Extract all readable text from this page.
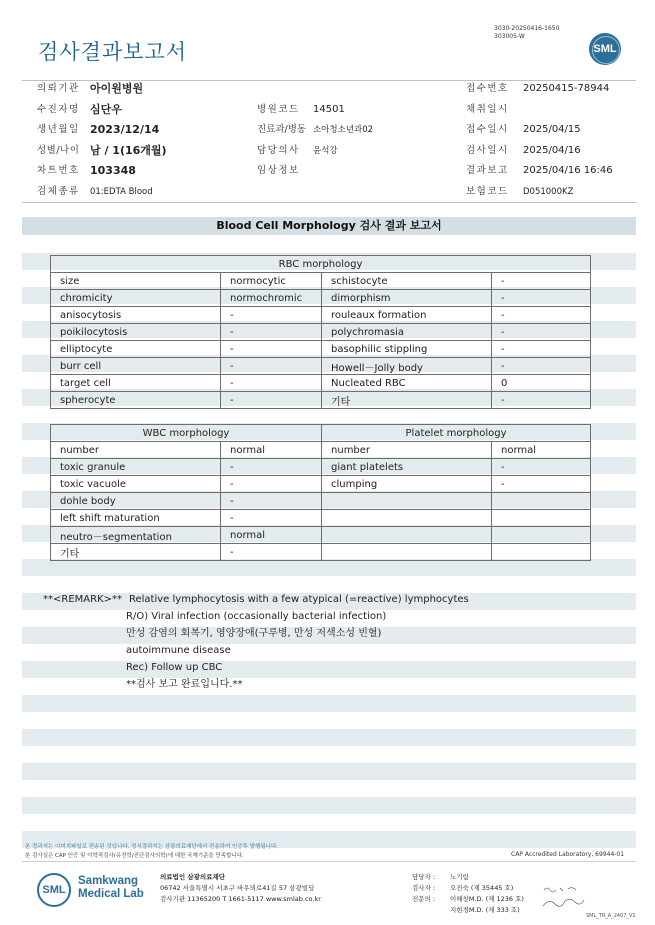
검사결과보고서
3030-20250416-1650
303005-W
SML
의뢰기관 아이원병원	접수번호 20250415-78944
수진자명 심단우	병원코드 14501	채취일시
생년월일 2023/12/14	진료과/병동 소아청소년과02	접수일시 2025/04/15
성별/나이 남 / 1(16개월)	담당의사 윤석강	검사일시 2025/04/16
차트번호 103348	임상정보	결과보고 2025/04/16 16:46
검체종류 01:EDTA Blood	보험코드 D051000KZ
Blood Cell Morphology 검사 결과 보고서
RBC morphology			
size	normocytic	schistocyte	-
chromicity	normochromic	dimorphism	-
anisocytosis	-	rouleaux formation	-
poikilocytosis	-	polychromasia	-
elliptocyte	-	basophilic stippling	-
burr cell	-	Howell－Jolly body	-
target cell	-	Nucleated RBC	0
spherocyte	-	기타	-
WBC morphology		Platelet morphology	
number	normal	number	normal
toxic granule	-	giant platelets	-
toxic vacuole	-	clumping	-
dohle body	-		
left shift maturation	-		
neutro－segmentation	normal		
기타	-		
**<REMARK>** Relative lymphocytosis with a few atypical (=reactive) lymphocytes
R/O) Viral infection (occasionally bacterial infection)
만성 감염의 회복기, 영양장애(구루병, 만성 저색소성 빈혈)
autoimmune disease
Rec) Follow up CBC
**검사 보고 완료입니다.**
본 결과지는 이미지파일로 전송된 것입니다. 정식결과지는 삼광의료재단에서 전송하여 인증후 발행됩니다.
본 검사실은 CAP 인증 및 이학적검사(유전학/진단검사의학)에 대한 국제기준을 만족합니다.	CAP Accredited Laboratory, 69944-01
SML
Samkwang
Medical Lab
의료법인 삼광의료재단
06742 서울특별시 서초구 바우뫼로41길 57 삼광빌딩
검사기관 11365200 T 1661-5117 www.smlab.co.kr
담당자 : 노기림
검사자 : 오진숙 (제 35445 호)
전문의 : 이해창M.D. (제 1236 호)
지현경M.D. (제 333 호)
SML_TR_A_2407_V1
